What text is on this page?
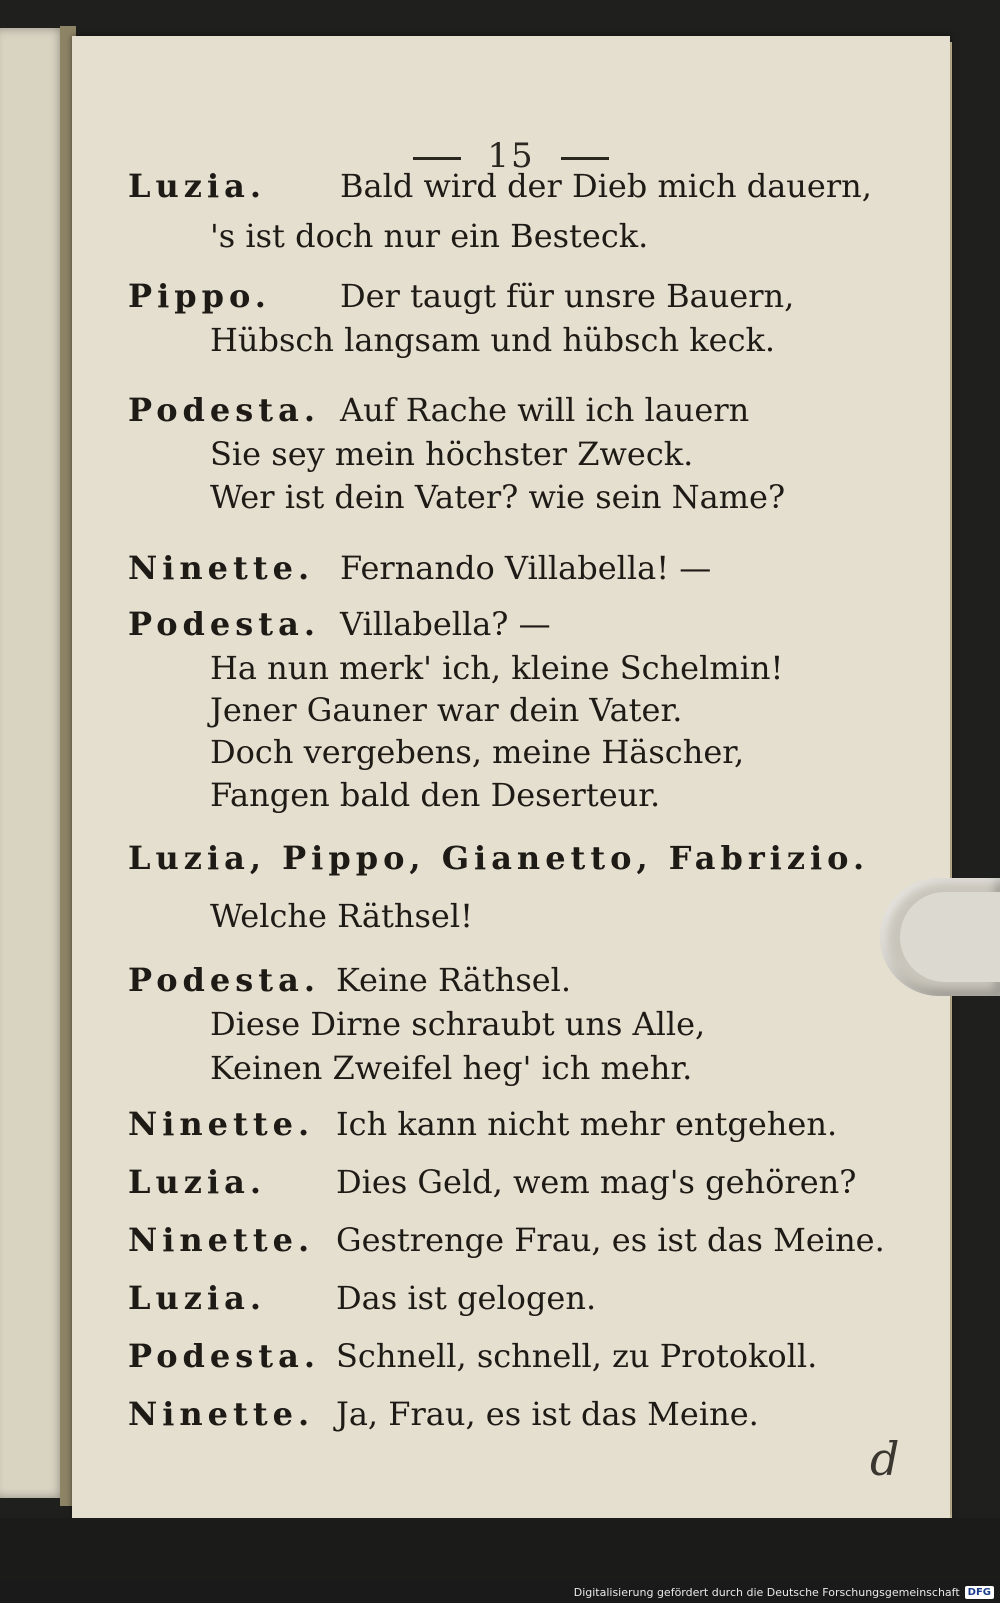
15
Luzia. Bald wird der Dieb mich dauern,
's ist doch nur ein Besteck.
Pippo. Der taugt für unsre Bauern,
Hübsch langsam und hübsch keck.
Podesta. Auf Rache will ich lauern
Sie sey mein höchster Zweck.
Wer ist dein Vater? wie sein Name?
Ninette. Fernando Villabella! —
Podesta. Villabella? —
Ha nun merk' ich, kleine Schelmin!
Jener Gauner war dein Vater.
Doch vergebens, meine Häscher,
Fangen bald den Deserteur.
Luzia, Pippo, Gianetto, Fabrizio.
Welche Räthsel!
Podesta. Keine Räthsel.
Diese Dirne schraubt uns Alle,
Keinen Zweifel heg' ich mehr.
Ninette. Ich kann nicht mehr entgehen.
Luzia. Dies Geld, wem mag's gehören?
Ninette. Gestrenge Frau, es ist das Meine.
Luzia. Das ist gelogen.
Podesta. Schnell, schnell, zu Protokoll.
Ninette. Ja, Frau, es ist das Meine.
d
Digitalisierung gefördert durch die Deutsche Forschungsgemeinschaft DFG
